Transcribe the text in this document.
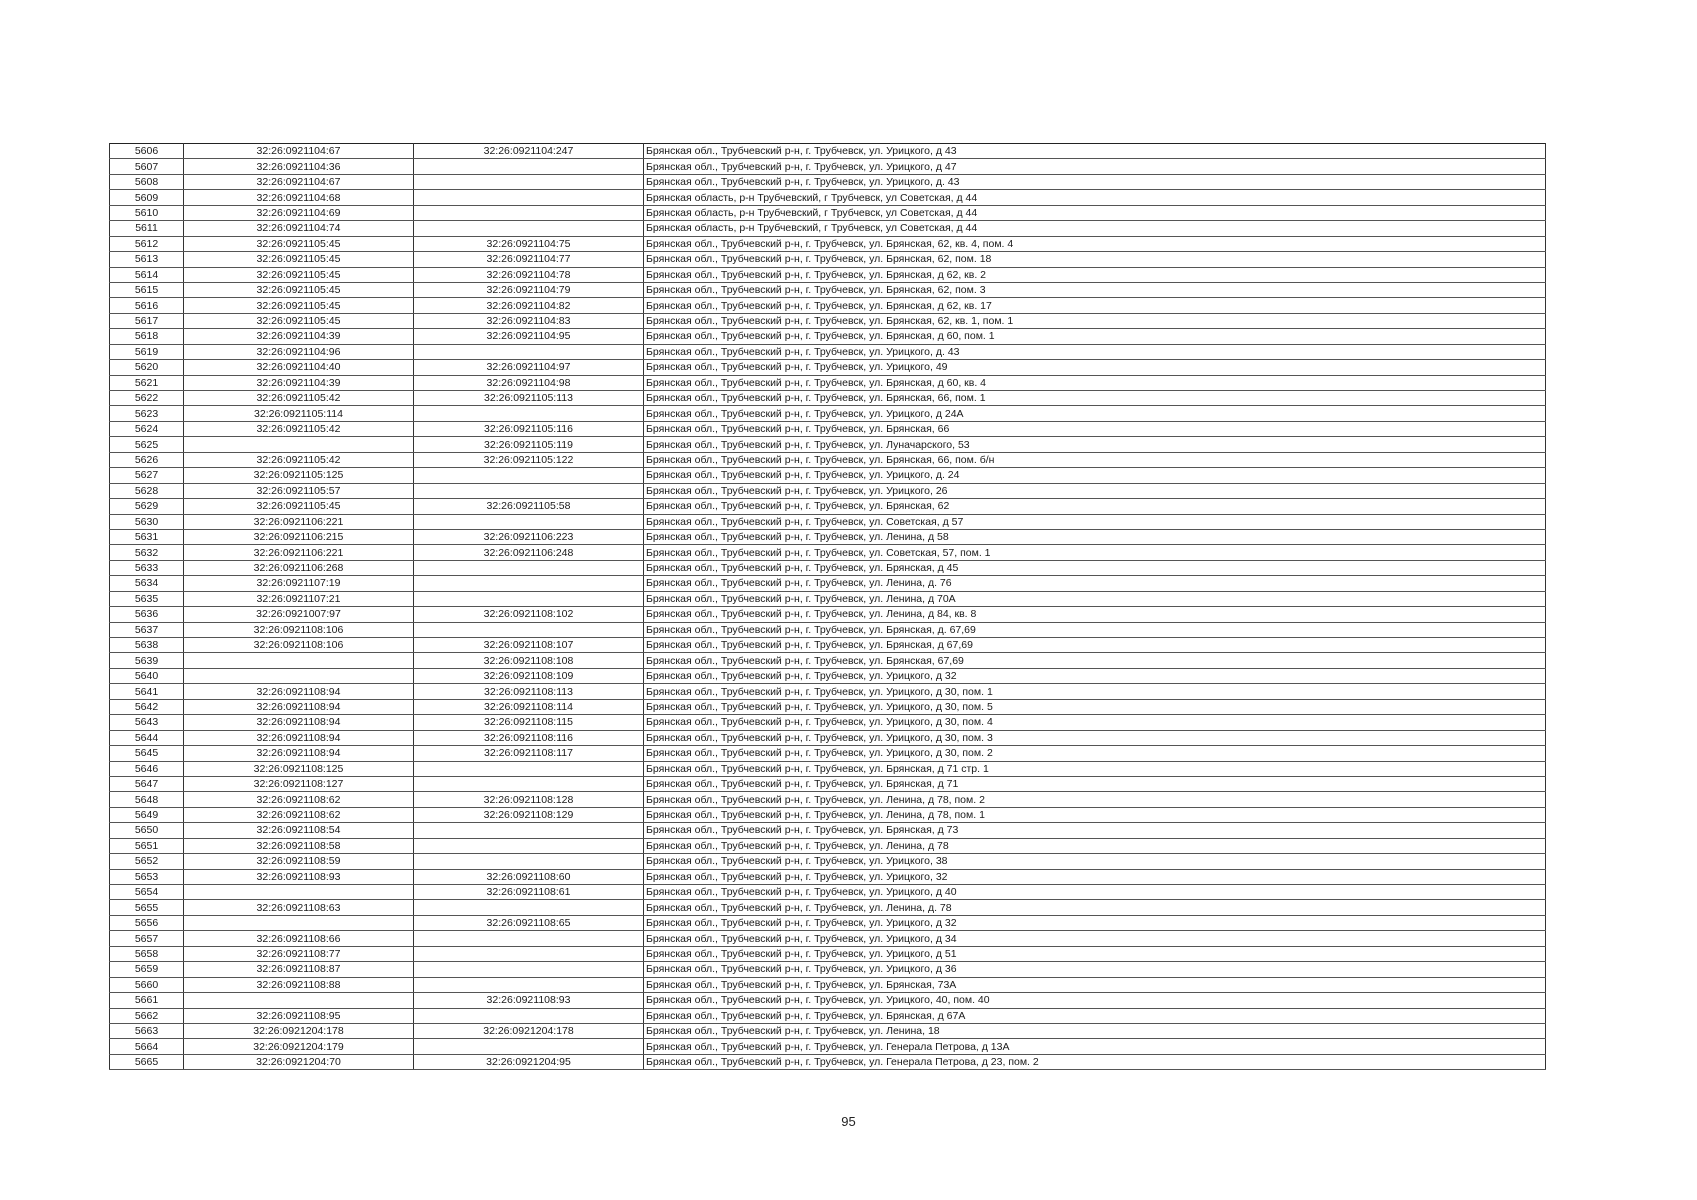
5606	32:26:0921104:67	32:26:0921104:247	Брянская обл., Трубчевский р-н, г. Трубчевск, ул. Урицкого, д 43
5607	32:26:0921104:36		Брянская обл., Трубчевский р-н, г. Трубчевск, ул. Урицкого, д 47
5608	32:26:0921104:67		Брянская обл., Трубчевский р-н, г. Трубчевск, ул. Урицкого, д. 43
5609	32:26:0921104:68		Брянская область, р-н Трубчевский, г Трубчевск, ул Советская, д 44
5610	32:26:0921104:69		Брянская область, р-н Трубчевский, г Трубчевск, ул Советская, д 44
5611	32:26:0921104:74		Брянская область, р-н Трубчевский, г Трубчевск, ул Советская, д 44
5612	32:26:0921105:45	32:26:0921104:75	Брянская обл., Трубчевский р-н, г. Трубчевск, ул. Брянская, 62, кв. 4, пом. 4
5613	32:26:0921105:45	32:26:0921104:77	Брянская обл., Трубчевский р-н, г. Трубчевск, ул. Брянская, 62, пом. 18
5614	32:26:0921105:45	32:26:0921104:78	Брянская обл., Трубчевский р-н, г. Трубчевск, ул. Брянская, д 62, кв. 2
5615	32:26:0921105:45	32:26:0921104:79	Брянская обл., Трубчевский р-н, г. Трубчевск, ул. Брянская, 62, пом. 3
5616	32:26:0921105:45	32:26:0921104:82	Брянская обл., Трубчевский р-н, г. Трубчевск, ул. Брянская, д 62, кв. 17
5617	32:26:0921105:45	32:26:0921104:83	Брянская обл., Трубчевский р-н, г. Трубчевск, ул. Брянская, 62, кв. 1, пом. 1
5618	32:26:0921104:39	32:26:0921104:95	Брянская обл., Трубчевский р-н, г. Трубчевск, ул. Брянская, д 60, пом. 1
5619	32:26:0921104:96		Брянская обл., Трубчевский р-н, г. Трубчевск, ул. Урицкого, д. 43
5620	32:26:0921104:40	32:26:0921104:97	Брянская обл., Трубчевский р-н, г. Трубчевск, ул. Урицкого, 49
5621	32:26:0921104:39	32:26:0921104:98	Брянская обл., Трубчевский р-н, г. Трубчевск, ул. Брянская, д 60, кв. 4
5622	32:26:0921105:42	32:26:0921105:113	Брянская обл., Трубчевский р-н, г. Трубчевск, ул. Брянская, 66, пом. 1
5623	32:26:0921105:114		Брянская обл., Трубчевский р-н, г. Трубчевск, ул. Урицкого, д 24А
5624	32:26:0921105:42	32:26:0921105:116	Брянская обл., Трубчевский р-н, г. Трубчевск, ул. Брянская, 66
5625		32:26:0921105:119	Брянская обл., Трубчевский р-н, г. Трубчевск, ул. Луначарского, 53
5626	32:26:0921105:42	32:26:0921105:122	Брянская обл., Трубчевский р-н, г. Трубчевск, ул. Брянская, 66, пом. б/н
5627	32:26:0921105:125		Брянская обл., Трубчевский р-н, г. Трубчевск, ул. Урицкого, д. 24
5628	32:26:0921105:57		Брянская обл., Трубчевский р-н, г. Трубчевск, ул. Урицкого, 26
5629	32:26:0921105:45	32:26:0921105:58	Брянская обл., Трубчевский р-н, г. Трубчевск, ул. Брянская, 62
5630	32:26:0921106:221		Брянская обл., Трубчевский р-н, г. Трубчевск, ул. Советская, д 57
5631	32:26:0921106:215	32:26:0921106:223	Брянская обл., Трубчевский р-н, г. Трубчевск, ул. Ленина, д 58
5632	32:26:0921106:221	32:26:0921106:248	Брянская обл., Трубчевский р-н, г. Трубчевск, ул. Советская, 57, пом. 1
5633	32:26:0921106:268		Брянская обл., Трубчевский р-н, г. Трубчевск, ул. Брянская, д 45
5634	32:26:0921107:19		Брянская обл., Трубчевский р-н, г. Трубчевск, ул. Ленина, д. 76
5635	32:26:0921107:21		Брянская обл., Трубчевский р-н, г. Трубчевск, ул. Ленина, д 70А
5636	32:26:0921007:97	32:26:0921108:102	Брянская обл., Трубчевский р-н, г. Трубчевск, ул. Ленина, д 84, кв. 8
5637	32:26:0921108:106		Брянская обл., Трубчевский р-н, г. Трубчевск, ул. Брянская, д. 67,69
5638	32:26:0921108:106	32:26:0921108:107	Брянская обл., Трубчевский р-н, г. Трубчевск, ул. Брянская, д 67,69
5639		32:26:0921108:108	Брянская обл., Трубчевский р-н, г. Трубчевск, ул. Брянская, 67,69
5640		32:26:0921108:109	Брянская обл., Трубчевский р-н, г. Трубчевск, ул. Урицкого, д 32
5641	32:26:0921108:94	32:26:0921108:113	Брянская обл., Трубчевский р-н, г. Трубчевск, ул. Урицкого, д 30, пом. 1
5642	32:26:0921108:94	32:26:0921108:114	Брянская обл., Трубчевский р-н, г. Трубчевск, ул. Урицкого, д 30, пом. 5
5643	32:26:0921108:94	32:26:0921108:115	Брянская обл., Трубчевский р-н, г. Трубчевск, ул. Урицкого, д 30, пом. 4
5644	32:26:0921108:94	32:26:0921108:116	Брянская обл., Трубчевский р-н, г. Трубчевск, ул. Урицкого, д 30, пом. 3
5645	32:26:0921108:94	32:26:0921108:117	Брянская обл., Трубчевский р-н, г. Трубчевск, ул. Урицкого, д 30, пом. 2
5646	32:26:0921108:125		Брянская обл., Трубчевский р-н, г. Трубчевск, ул. Брянская, д 71 стр. 1
5647	32:26:0921108:127		Брянская обл., Трубчевский р-н, г. Трубчевск, ул. Брянская, д 71
5648	32:26:0921108:62	32:26:0921108:128	Брянская обл., Трубчевский р-н, г. Трубчевск, ул. Ленина, д 78, пом. 2
5649	32:26:0921108:62	32:26:0921108:129	Брянская обл., Трубчевский р-н, г. Трубчевск, ул. Ленина, д 78, пом. 1
5650	32:26:0921108:54		Брянская обл., Трубчевский р-н, г. Трубчевск, ул. Брянская, д 73
5651	32:26:0921108:58		Брянская обл., Трубчевский р-н, г. Трубчевск, ул. Ленина, д 78
5652	32:26:0921108:59		Брянская обл., Трубчевский р-н, г. Трубчевск, ул. Урицкого, 38
5653	32:26:0921108:93	32:26:0921108:60	Брянская обл., Трубчевский р-н, г. Трубчевск, ул. Урицкого, 32
5654		32:26:0921108:61	Брянская обл., Трубчевский р-н, г. Трубчевск, ул. Урицкого, д 40
5655	32:26:0921108:63		Брянская обл., Трубчевский р-н, г. Трубчевск, ул. Ленина, д. 78
5656		32:26:0921108:65	Брянская обл., Трубчевский р-н, г. Трубчевск, ул. Урицкого, д 32
5657	32:26:0921108:66		Брянская обл., Трубчевский р-н, г. Трубчевск, ул. Урицкого, д 34
5658	32:26:0921108:77		Брянская обл., Трубчевский р-н, г. Трубчевск, ул. Урицкого, д 51
5659	32:26:0921108:87		Брянская обл., Трубчевский р-н, г. Трубчевск, ул. Урицкого, д 36
5660	32:26:0921108:88		Брянская обл., Трубчевский р-н, г. Трубчевск, ул. Брянская, 73А
5661		32:26:0921108:93	Брянская обл., Трубчевский р-н, г. Трубчевск, ул. Урицкого, 40, пом. 40
5662	32:26:0921108:95		Брянская обл., Трубчевский р-н, г. Трубчевск, ул. Брянская, д 67А
5663	32:26:0921204:178	32:26:0921204:178	Брянская обл., Трубчевский р-н, г. Трубчевск, ул. Ленина, 18
5664	32:26:0921204:179		Брянская обл., Трубчевский р-н, г. Трубчевск, ул. Генерала Петрова, д 13А
5665	32:26:0921204:70	32:26:0921204:95	Брянская обл., Трубчевский р-н, г. Трубчевск, ул. Генерала Петрова, д 23, пом. 2
95
